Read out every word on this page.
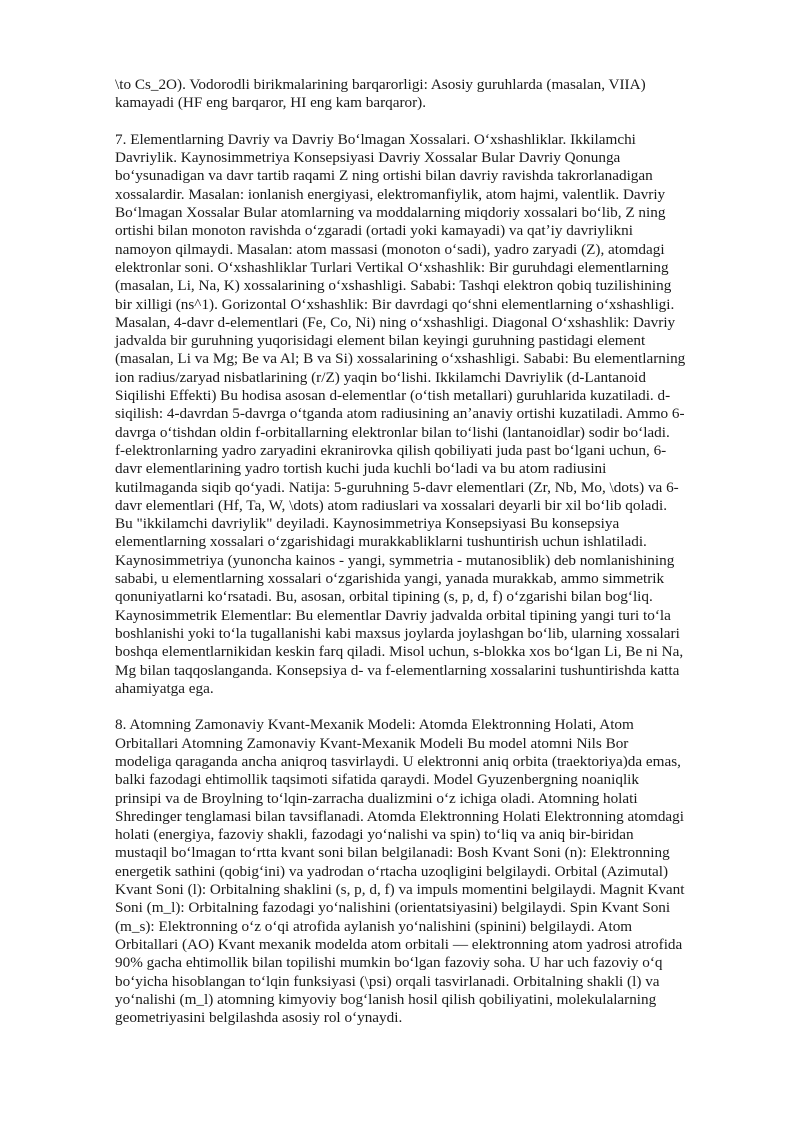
\to Cs_2O). Vodorodli birikmalarining barqarorligi: Asosiy guruhlarda (masalan, VIIA) kamayadi (HF eng barqaror, HI eng kam barqaror).

7. Elementlarning Davriy va Davriy Boʻlmagan Xossalari. Oʻxshashliklar. Ikkilamchi Davriylik. Kaynosimmetriya Konsepsiyasi Davriy Xossalar Bular Davriy Qonunga boʻysunadigan va davr tartib raqami Z ning ortishi bilan davriy ravishda takrorlanadigan xossalardir. Masalan: ionlanish energiyasi, elektromanfiylik, atom hajmi, valentlik. Davriy Boʻlmagan Xossalar Bular atomlarning va moddalarning miqdoriy xossalari boʻlib, Z ning ortishi bilan monoton ravishda oʻzgaradi (ortadi yoki kamayadi) va qatʼiy davriylikni namoyon qilmaydi. Masalan: atom massasi (monoton oʻsadi), yadro zaryadi (Z), atomdagi elektronlar soni. Oʻxshashliklar Turlari Vertikal Oʻxshashlik: Bir guruhdagi elementlarning (masalan, Li, Na, K) xossalarining oʻxshashligi. Sababi: Tashqi elektron qobiq tuzilishining bir xilligi (ns^1). Gorizontal Oʻxshashlik: Bir davrdagi qoʻshni elementlarning oʻxshashligi. Masalan, 4-davr d-elementlari (Fe, Co, Ni) ning oʻxshashligi. Diagonal Oʻxshashlik: Davriy jadvalda bir guruhning yuqorisidagi element bilan keyingi guruhning pastidagi element (masalan, Li va Mg; Be va Al; B va Si) xossalarining oʻxshashligi. Sababi: Bu elementlarning ion radius/zaryad nisbatlarining (r/Z) yaqin boʻlishi. Ikkilamchi Davriylik (d-Lantanoid Siqilishi Effekti) Bu hodisa asosan d-elementlar (oʻtish metallari) guruhlarida kuzatiladi. d-siqilish: 4-davrdan 5-davrga oʻtganda atom radiusining anʼanaviy ortishi kuzatiladi. Ammo 6-davrga oʻtishdan oldin f-orbitallarning elektronlar bilan toʻlishi (lantanoidlar) sodir boʻladi.

f-elektronlarning yadro zaryadini ekranirovka qilish qobiliyati juda past boʻlgani uchun, 6-davr elementlarining yadro tortish kuchi juda kuchli boʻladi va bu atom radiusini kutilmaganda siqib qoʻyadi. Natija: 5-guruhning 5-davr elementlari (Zr, Nb, Mo, \dots) va 6-davr elementlari (Hf, Ta, W, \dots) atom radiuslari va xossalari deyarli bir xil boʻlib qoladi. Bu "ikkilamchi davriylik" deyiladi. Kaynosimmetriya Konsepsiyasi Bu konsepsiya elementlarning xossalari oʻzgarishidagi murakkabliklarni tushuntirish uchun ishlatiladi. Kaynosimmetriya (yunoncha kainos - yangi, symmetria - mutanosiblik) deb nomlanishining sababi, u elementlarning xossalari oʻzgarishida yangi, yanada murakkab, ammo simmetrik qonuniyatlarni koʻrsatadi. Bu, asosan, orbital tipining (s, p, d, f) oʻzgarishi bilan bogʻliq. Kaynosimmetrik Elementlar: Bu elementlar Davriy jadvalda orbital tipining yangi turi toʻla boshlanishi yoki toʻla tugallanishi kabi maxsus joylarda joylashgan boʻlib, ularning xossalari boshqa elementlarnikidan keskin farq qiladi. Misol uchun, s-blokka xos boʻlgan Li, Be ni Na, Mg bilan taqqoslanganda. Konsepsiya d- va f-elementlarning xossalarini tushuntirishda katta ahamiyatga ega.

8. Atomning Zamonaviy Kvant-Mexanik Modeli: Atomda Elektronning Holati, Atom Orbitallari Atomning Zamonaviy Kvant-Mexanik Modeli Bu model atomni Nils Bor modeliga qaraganda ancha aniqroq tasvirlaydi. U elektronni aniq orbita (traektoriya)da emas, balki fazodagi ehtimollik taqsimoti sifatida qaraydi. Model Gyuzenbergning noaniqlik prinsipi va de Broylning toʻlqin-zarracha dualizmini oʻz ichiga oladi. Atomning holati Shredinger tenglamasi bilan tavsiflanadi. Atomda Elektronning Holati Elektronning atomdagi holati (energiya, fazoviy shakli, fazodagi yoʻnalishi va spin) toʻliq va aniq bir-biridan mustaqil boʻlmagan toʻrtta kvant soni bilan belgilanadi: Bosh Kvant Soni (n): Elektronning energetik sathini (qobigʻini) va yadrodan oʻrtacha uzoqligini belgilaydi. Orbital (Azimutal) Kvant Soni (l): Orbitalning shaklini (s, p, d, f) va impuls momentini belgilaydi. Magnit Kvant Soni (m_l): Orbitalning fazodagi yoʻnalishini (orientatsiyasini) belgilaydi. Spin Kvant Soni (m_s): Elektronning oʻz oʻqi atrofida aylanish yoʻnalishini (spinini) belgilaydi. Atom Orbitallari (AO) Kvant mexanik modelda atom orbitali — elektronning atom yadrosi atrofida 90% gacha ehtimollik bilan topilishi mumkin boʻlgan fazoviy soha. U har uch fazoviy oʻq boʻyicha hisoblangan toʻlqin funksiyasi (\psi) orqali tasvirlanadi. Orbitalning shakli (l) va yoʻnalishi (m_l) atomning kimyoviy bogʻlanish hosil qilish qobiliyatini, molekulalarning geometriyasini belgilashda asosiy rol oʻynaydi.
